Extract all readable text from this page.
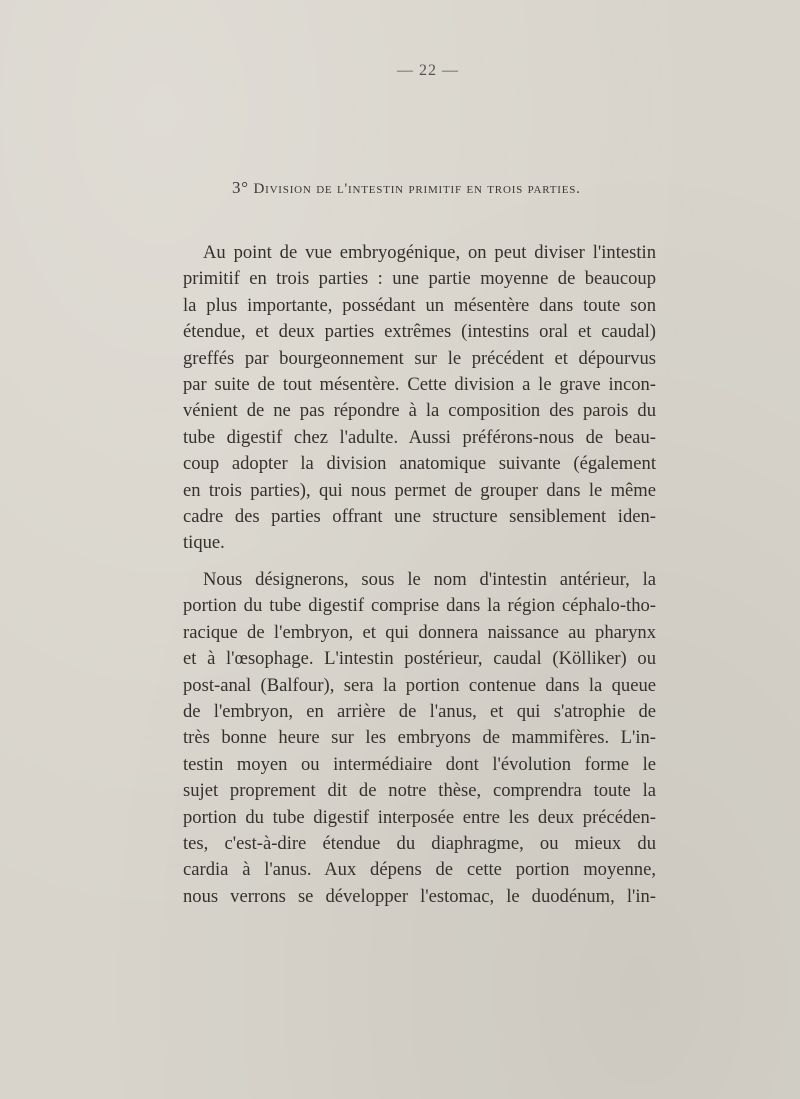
— 22 —
3° Division de l'intestin primitif en trois parties.
Au point de vue embryogénique, on peut diviser l'intestin
primitif en trois parties : une partie moyenne de beaucoup
la plus importante, possédant un mésentère dans toute son
étendue, et deux parties extrêmes (intestins oral et caudal)
greffés par bourgeonnement sur le précédent et dépourvus
par suite de tout mésentère. Cette division a le grave incon-
vénient de ne pas répondre à la composition des parois du
tube digestif chez l'adulte. Aussi préférons-nous de beau-
coup adopter la division anatomique suivante (également
en trois parties), qui nous permet de grouper dans le même
cadre des parties offrant une structure sensiblement iden-
tique.
Nous désignerons, sous le nom d'intestin antérieur, la
portion du tube digestif comprise dans la région céphalo-tho-
racique de l'embryon, et qui donnera naissance au pharynx
et à l'œsophage. L'intestin postérieur, caudal (Kölliker) ou
post-anal (Balfour), sera la portion contenue dans la queue
de l'embryon, en arrière de l'anus, et qui s'atrophie de
très bonne heure sur les embryons de mammifères. L'in-
testin moyen ou intermédiaire dont l'évolution forme le
sujet proprement dit de notre thèse, comprendra toute la
portion du tube digestif interposée entre les deux précéden-
tes, c'est-à-dire étendue du diaphragme, ou mieux du
cardia à l'anus. Aux dépens de cette portion moyenne,
nous verrons se développer l'estomac, le duodénum, l'in-
